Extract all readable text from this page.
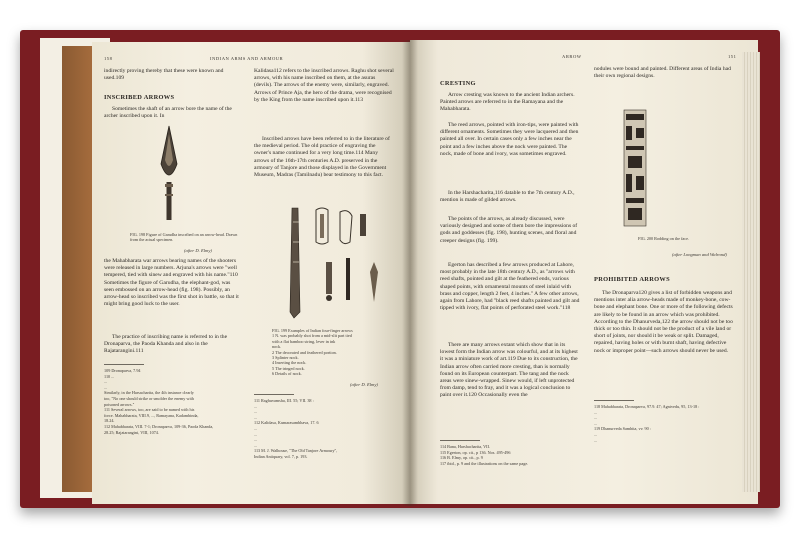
158	INDIAN ARMS AND ARMOUR
indirectly proving thereby that these were known and used.109
INSCRIBED ARROWS
Sometimes the shaft of an arrow bore the name of the archer inscribed upon it. In
FIG. 198 Figure of Garudha inscribed on an arrow-head. Drawn from the actual specimen.
(after D. Elmy)
the Mahabharata war arrows bearing names of the shooters were released in large numbers. Arjuna's arrows were "well tempered, tied with sinew and engraved with his name."110 Sometimes the figure of Garudha, the elephant-god, was seen embossed on an arrow-head (fig. 198). Possibly, an arrow-head so inscribed was the first shot in battle, so that it might bring good luck to the user.
The practice of inscribing name is referred to in the Dronaparva, the Paoda Khanda and also in the Rajatarangini.111
109 Dronaparva, 7.94
110 ...
...
...
Similarly, in the Harsacharita, the 4th instance clearly
too, "No one should strike or smolder the enemy with
poisoned arrows."
111 Several arrows, too, are said to be named with his
force. Mahabharata, VIII.9, ..., Ramayana, Kadambinda,
18.24.
112 Mahabharata, VIII. 7-1; Dronaparva, 109-36, Paoda Khanda,
28.25; Rajatarangini, VIII, 1074.
Kalidasa112 refers to the inscribed arrows. Raghu shot several arrows, with his name inscribed on them, at the asuras (devils). The arrows of the enemy were, similarly, engraved. Arrows of Prince Aja, the hero of the drama, were recognised by the King from the name inscribed upon it.113
Inscribed arrows have been referred to in the literature of the medieval period. The old practice of engraving the owner's name continued for a very long time.114 Many arrows of the 16th-17th centuries A.D. preserved in the armoury of Tanjore and those displayed in the Government Museum, Madras (Tamilnadu) bear testimony to this fact.
FIG. 199 Examples of Indian four-finger arrows
1 N. was probably shot from a mid-slit part tied
with a flat bamboo string, lever in ink
nock.
2 The decorated and feathered portion.
3 Splinter nock.
4 Inserting the nock.
5 The tringed nock.
6 Details of nock.
(after D. Elmy)
111 Raghuvamsha, III. 55; VII. 38 :
...
...
...
112 Kalidasa, Kumarasambhava, 17. 6
...
...
...
...
113 M. J. Walhouse, "The Old Tanjore Armoury",
Indian Antiquary, vol. 7, p. 193.
ARROW	151
CRESTING
Arrow cresting was known to the ancient Indian archers. Painted arrows are referred to in the Ramayana and the Mahabharata.
The reed arrows, pointed with iron-tips, were painted with different ornaments. Sometimes they were lacquered and then painted all over. In certain cases only a few inches near the point and a few inches above the nock were painted. The nock, made of bone and ivory, was sometimes engraved.
In the Harshacharita,116 datable to the 7th century A.D., mention is made of gilded arrows.
The points of the arrows, as already discussed, were variously designed and some of them bore the impressions of gods and goddesses (fig. 198), hunting scenes, and floral and creeper designs (fig. 199).
Egerton has described a few arrows produced at Lahore, most probably in the late 18th century A.D., as "arrows with reed shafts, pointed and gilt at the feathered ends, various shaped points, with ornamental mounts of steel inlaid with brass and copper, length 2 feet, 4 inches." A few other arrows, again from Lahore, had "black reed shafts painted and gilt and tipped with ivory, flat points of perforated steel work."118
There are many arrows extant which show that in its lowest form the Indian arrow was colourful, and at its highest it was a miniature work of art.119 Due to its construction, the Indian arrow often carried more cresting, than is normally found on its European counterpart. The tang and the nock areas were sinew-wrapped. Sinew would, if left unprotected from damp, tend to fray, and it was a logical conclusion to paint over it.120 Occasionally even the
114 Bana, Harshacharita, VII.
115 Egerton, op. cit., p 136. Nos. 495-496
116 B. Elmy, op. cit., p. 9
117 ibid., p. 9 and the illustrations on the same page.
nodules were bound and painted. Different areas of India had their own regional designs.
FIG. 200 Rodding on the face.
(after Longman and Walrond)
PROHIBITED ARROWS
The Dronaparva120 gives a list of forbidden weapons and mentions inter alia arrow-heads made of monkey-bone, cow-bone and elephant bone. One or more of the following defects are likely to be found in an arrow which was prohibited. According to the Dhanurveda,122 the arrow should not be too thick or too thin. It should not be the product of a vile land or short of joints, nor should it be weak or split. Damaged, repaired, having holes or with burnt shaft, having defective nock or improper point—such arrows should never be used.
118 Mahabharata, Dronaparva, 97.9. 47; Agnivedu, 95, 13-18 :
...
...
...
119 Dhanurveda Samhita, vv. 90 :
...
...
